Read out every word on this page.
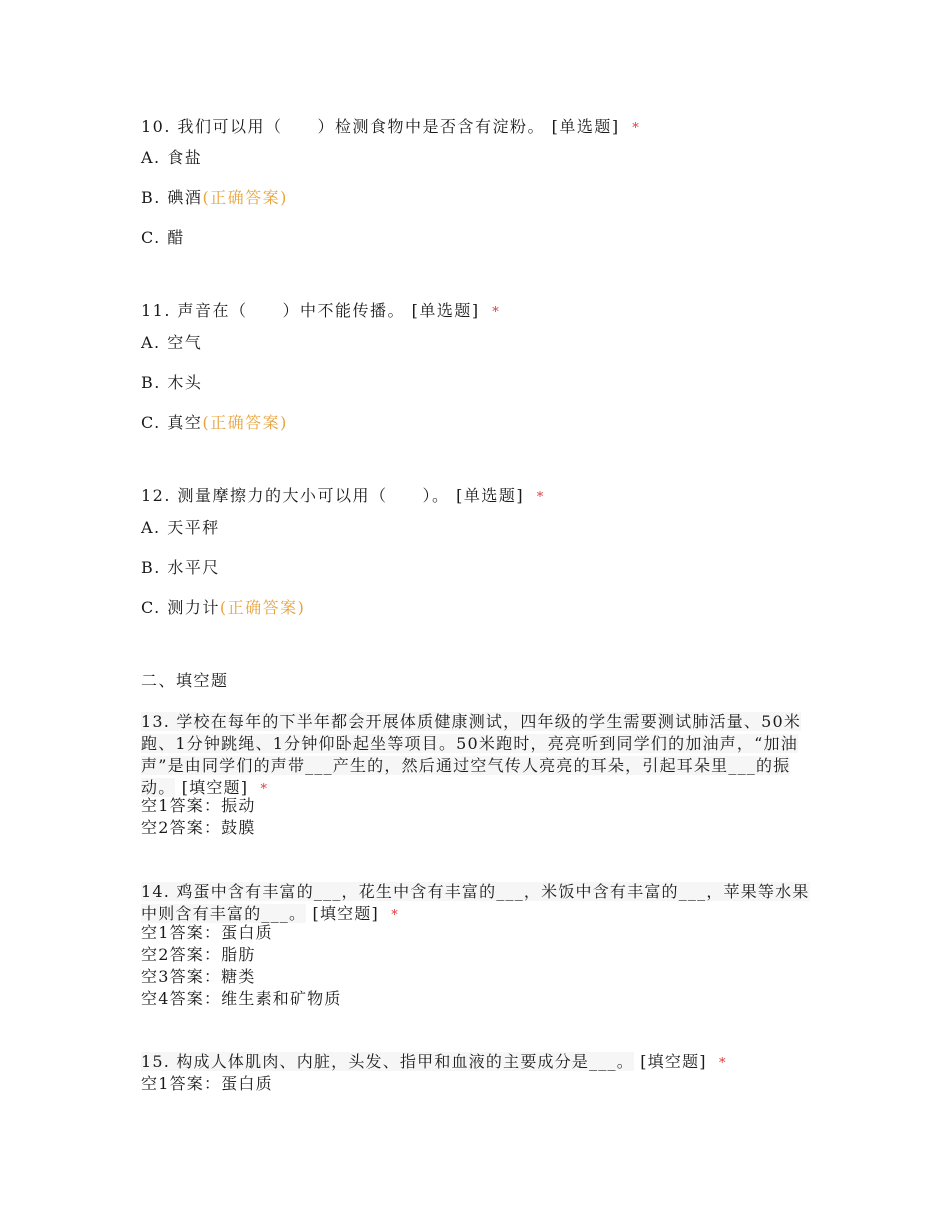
10. 我们可以用（　　）检测食物中是否含有淀粉。 [单选题] *
A. 食盐
B. 碘酒(正确答案)
C. 醋
11. 声音在（　　）中不能传播。 [单选题] *
A. 空气
B. 木头
C. 真空(正确答案)
12. 测量摩擦力的大小可以用（　　）。 [单选题] *
A. 天平秤
B. 水平尺
C. 测力计(正确答案)
二、填空题
13. 学校在每年的下半年都会开展体质健康测试，四年级的学生需要测试肺活量、50米跑、1分钟跳绳、1分钟仰卧起坐等项目。50米跑时，亮亮听到同学们的加油声，“加油声”是由同学们的声带___产生的，然后通过空气传人亮亮的耳朵，引起耳朵里___的振动。 [填空题] *
空1答案：振动
空2答案：鼓膜
14. 鸡蛋中含有丰富的___，花生中含有丰富的___，米饭中含有丰富的___，苹果等水果中则含有丰富的___。 [填空题] *
空1答案：蛋白质
空2答案：脂肪
空3答案：糖类
空4答案：维生素和矿物质
15. 构成人体肌肉、内脏，头发、指甲和血液的主要成分是___。 [填空题] *
空1答案：蛋白质
